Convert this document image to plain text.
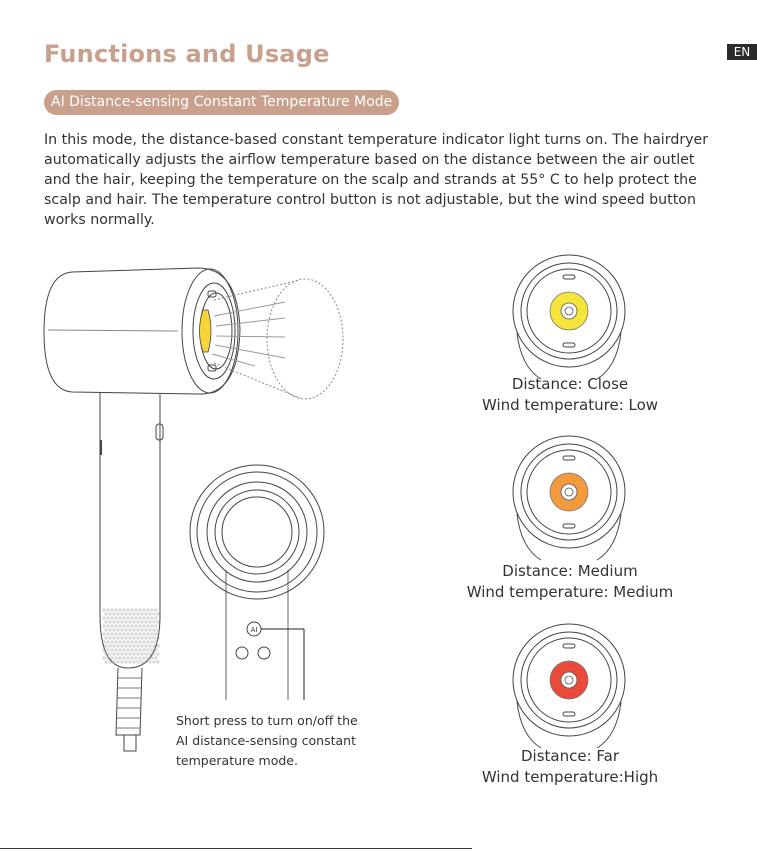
Functions and Usage	EN
AI Distance-sensing Constant Temperature Mode
In this mode, the distance-based constant temperature indicator light turns on. The hairdryer automatically adjusts the airflow temperature based on the distance between the air outlet and the hair, keeping the temperature on the scalp and strands at 55° C to help protect the scalp and hair. The temperature control button is not adjustable, but the wind speed button works normally.
AI
Distance: Close
Wind temperature: Low
Distance: Medium
Wind temperature: Medium
Distance: Far
Wind temperature:High
Short press to turn on/off the AI distance-sensing constant temperature mode.
